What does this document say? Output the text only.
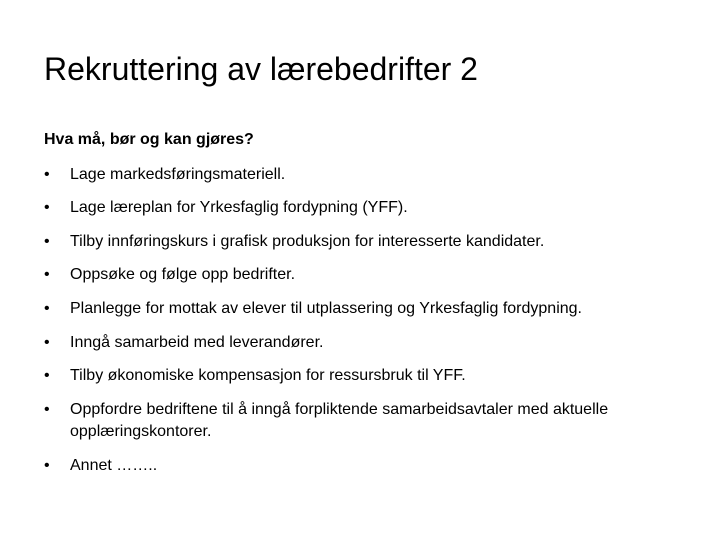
Rekruttering av lærebedrifter 2
Hva må, bør og kan gjøres?
•	Lage markedsføringsmateriell.
•	Lage læreplan for Yrkesfaglig fordypning (YFF).
•	Tilby innføringskurs i grafisk produksjon for interesserte kandidater.
•	Oppsøke og følge opp bedrifter.
•	Planlegge for mottak av elever til utplassering og Yrkesfaglig fordypning.
•	Inngå samarbeid med leverandører.
•	Tilby økonomiske kompensasjon for ressursbruk til YFF.
•	Oppfordre bedriftene til å inngå forpliktende samarbeidsavtaler med aktuelle opplæringskontorer.
•	Annet ……..
